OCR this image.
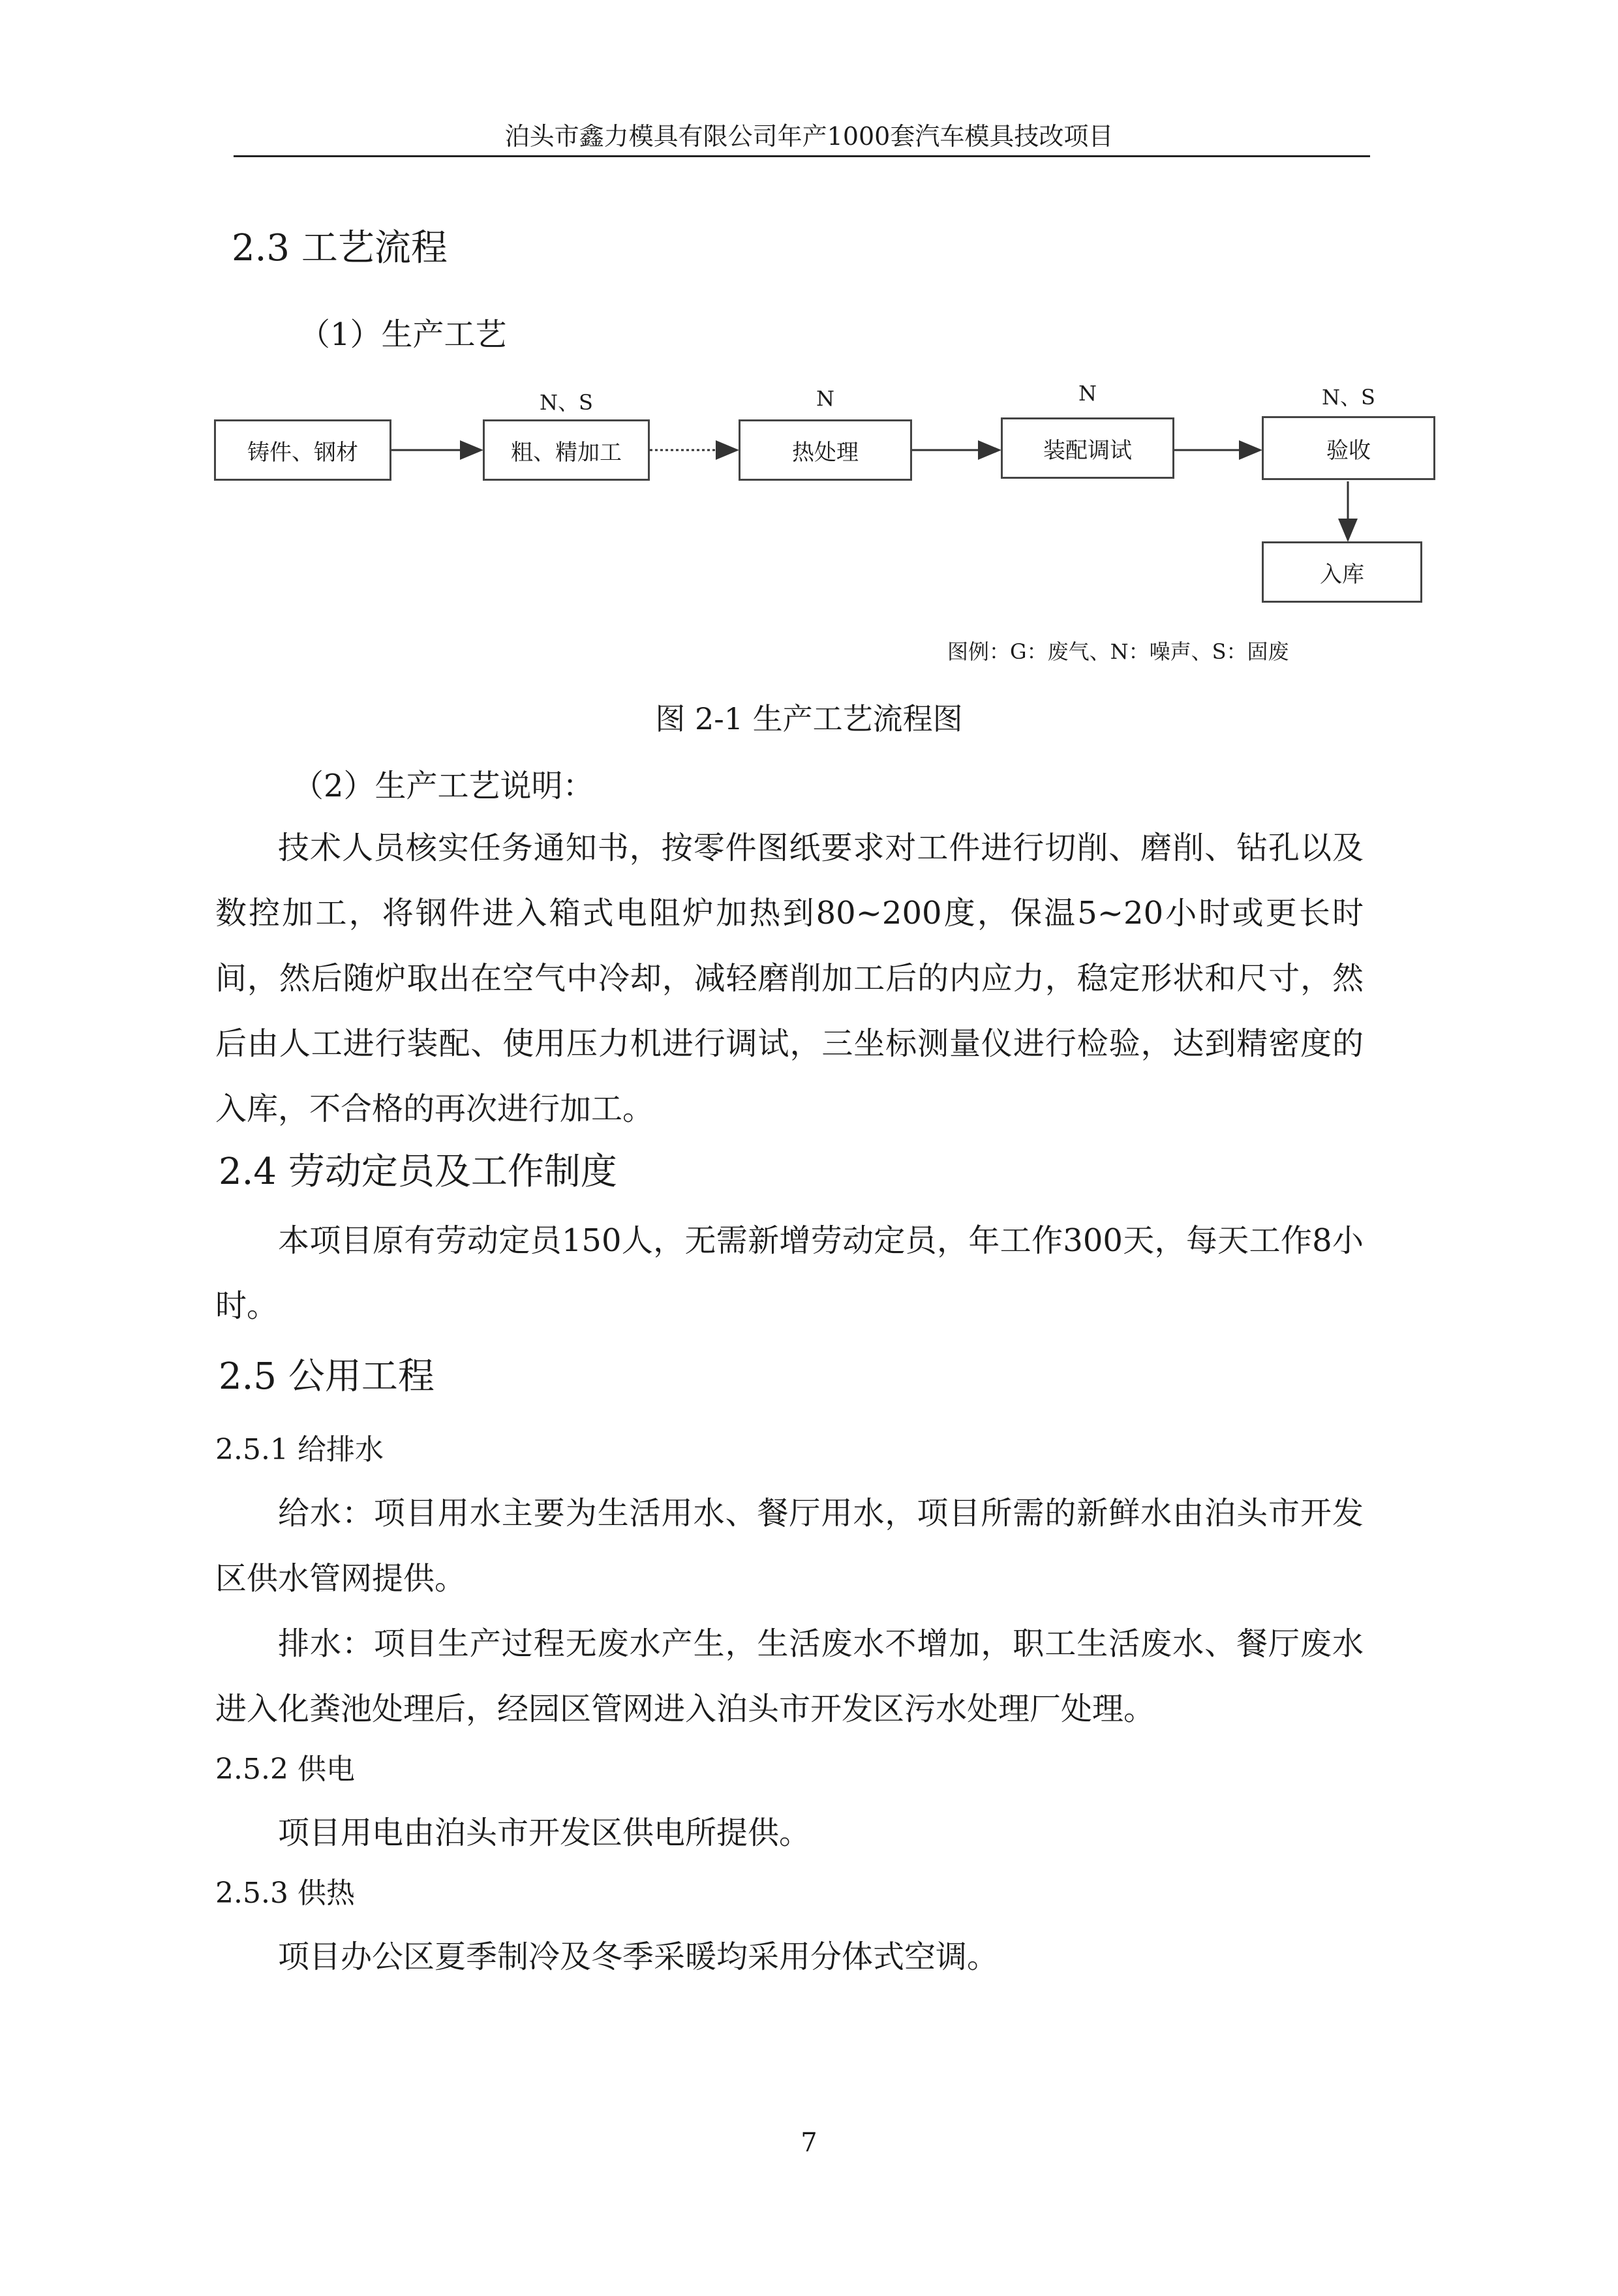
泊头市鑫力模具有限公司年产1000套汽车模具技改项目
2.3 工艺流程
（1）生产工艺
N、S	N	N	N、S
铸件、钢材	粗、精加工	热处理	装配调试	验收
入库
图例：G：废气、N：噪声、S：固废
图 2-1 生产工艺流程图
（2）生产工艺说明：
技术人员核实任务通知书，按零件图纸要求对工件进行切削、磨削、钻孔以及数控加工，将钢件进入箱式电阻炉加热到80~200度，保温5~20小时或更长时间，然后随炉取出在空气中冷却，减轻磨削加工后的内应力，稳定形状和尺寸，然后由人工进行装配、使用压力机进行调试，三坐标测量仪进行检验，达到精密度的入库，不合格的再次进行加工。
2.4 劳动定员及工作制度
本项目原有劳动定员150人，无需新增劳动定员，年工作300天，每天工作8小时。
2.5 公用工程
2.5.1 给排水
给水：项目用水主要为生活用水、餐厅用水，项目所需的新鲜水由泊头市开发区供水管网提供。
排水：项目生产过程无废水产生，生活废水不增加，职工生活废水、餐厅废水进入化粪池处理后，经园区管网进入泊头市开发区污水处理厂处理。
2.5.2 供电
项目用电由泊头市开发区供电所提供。
2.5.3 供热
项目办公区夏季制冷及冬季采暖均采用分体式空调。
7
